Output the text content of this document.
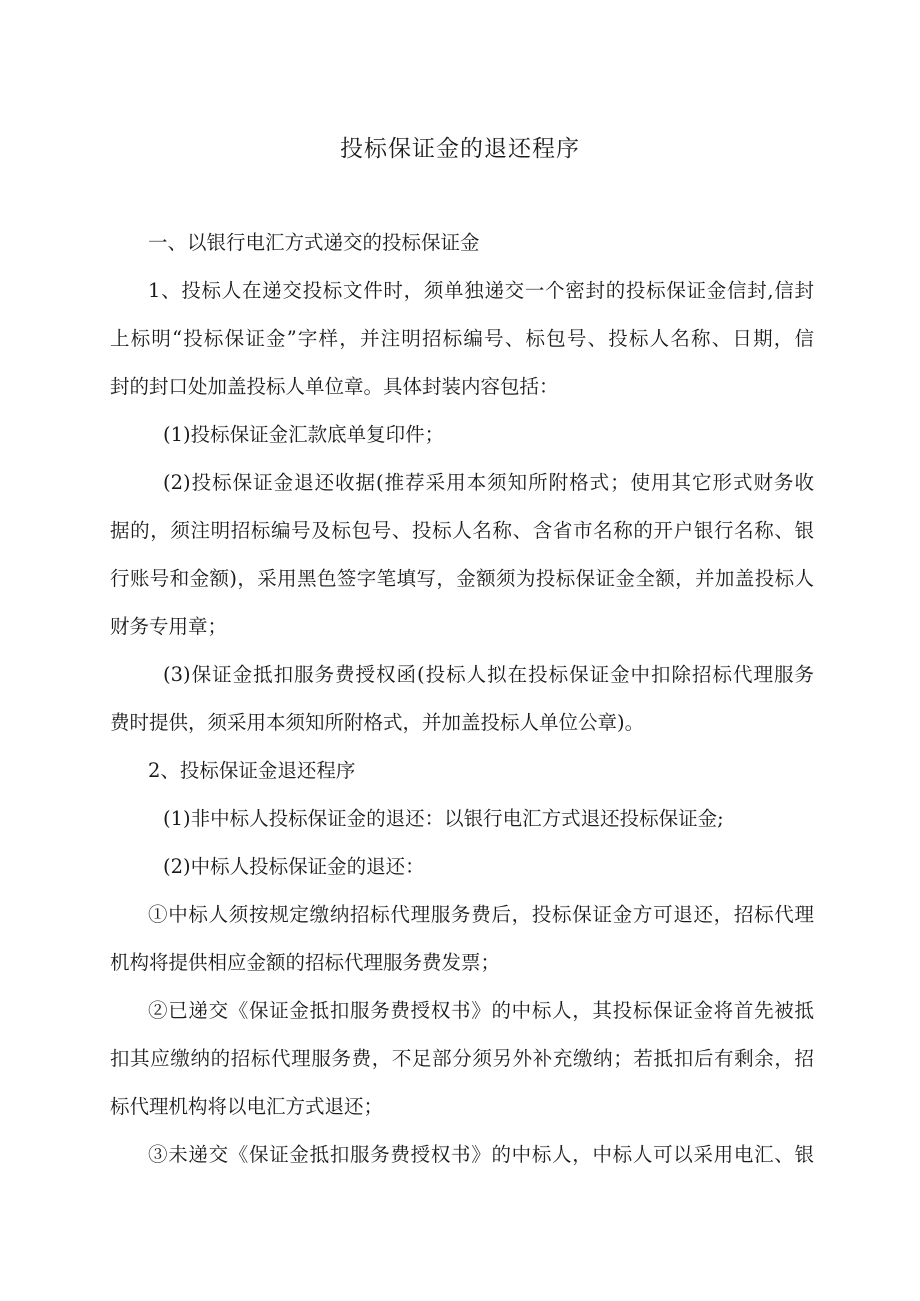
投标保证金的退还程序
一、以银行电汇方式递交的投标保证金
1、投标人在递交投标文件时，须单独递交一个密封的投标保证金信封,信封
上标明“投标保证金”字样，并注明招标编号、标包号、投标人名称、日期，信
封的封口处加盖投标人单位章。具体封装内容包括：
(1)投标保证金汇款底单复印件；
(2)投标保证金退还收据(推荐采用本须知所附格式；使用其它形式财务收
据的，须注明招标编号及标包号、投标人名称、含省市名称的开户银行名称、银
行账号和金额)，采用黑色签字笔填写，金额须为投标保证金全额，并加盖投标人
财务专用章；
(3)保证金抵扣服务费授权函(投标人拟在投标保证金中扣除招标代理服务
费时提供，须采用本须知所附格式，并加盖投标人单位公章)。
2、投标保证金退还程序
(1)非中标人投标保证金的退还：以银行电汇方式退还投标保证金;
(2)中标人投标保证金的退还：
①中标人须按规定缴纳招标代理服务费后，投标保证金方可退还，招标代理
机构将提供相应金额的招标代理服务费发票；
②已递交《保证金抵扣服务费授权书》的中标人，其投标保证金将首先被抵
扣其应缴纳的招标代理服务费，不足部分须另外补充缴纳；若抵扣后有剩余，招
标代理机构将以电汇方式退还；
③未递交《保证金抵扣服务费授权书》的中标人，中标人可以采用电汇、银
